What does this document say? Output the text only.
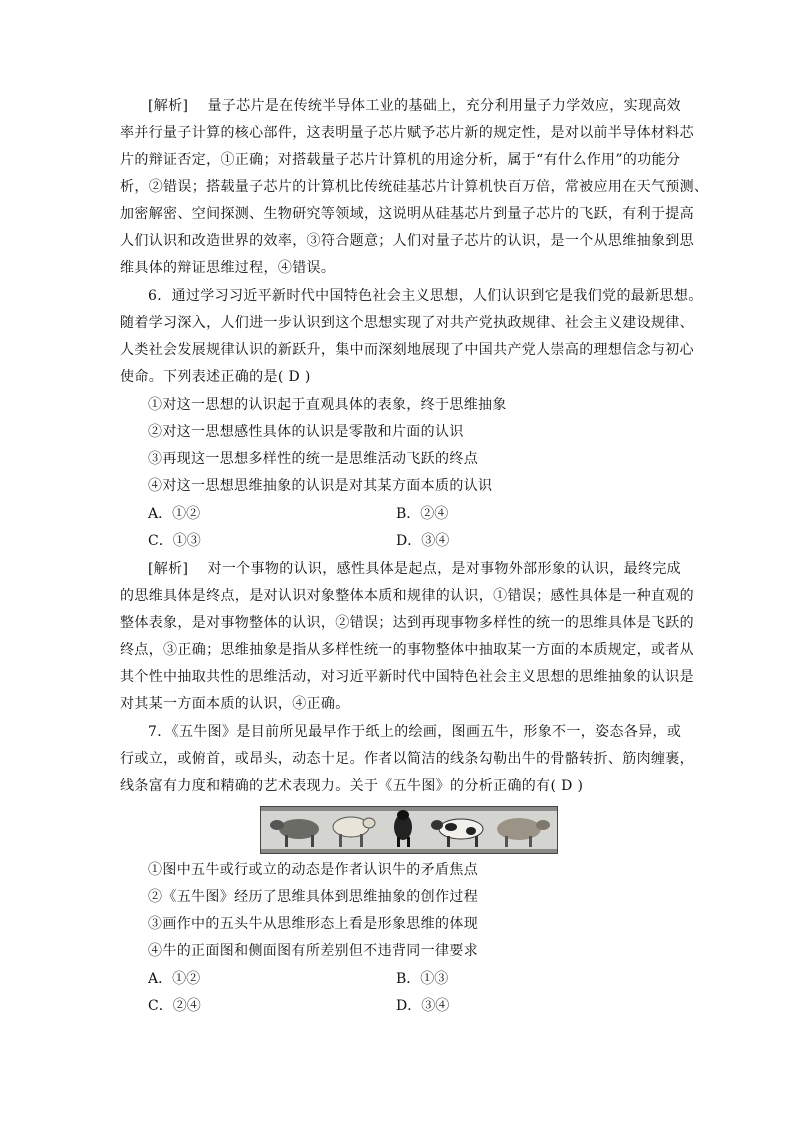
[解析]　 量子芯片是在传统半导体工业的基础上，充分利用量子力学效应，实现高效
率并行量子计算的核心部件，这表明量子芯片赋予芯片新的规定性，是对以前半导体材料芯
片的辩证否定，①正确；对搭载量子芯片计算机的用途分析，属于“有什么作用”的功能分
析，②错误；搭载量子芯片的计算机比传统硅基芯片计算机快百万倍，常被应用在天气预测、
加密解密、空间探测、生物研究等领域，这说明从硅基芯片到量子芯片的飞跃，有利于提高
人们认识和改造世界的效率，③符合题意；人们对量子芯片的认识，是一个从思维抽象到思
维具体的辩证思维过程，④错误。
6．通过学习习近平新时代中国特色社会主义思想，人们认识到它是我们党的最新思想。
随着学习深入，人们进一步认识到这个思想实现了对共产党执政规律、社会主义建设规律、
人类社会发展规律认识的新跃升，集中而深刻地展现了中国共产党人崇高的理想信念与初心
使命。下列表述正确的是( D )
①对这一思想的认识起于直观具体的表象，终于思维抽象
②对这一思想感性具体的认识是零散和片面的认识
③再现这一思想多样性的统一是思维活动飞跃的终点
④对这一思想思维抽象的认识是对其某方面本质的认识
A．①②	B．②④
C．①③	D．③④
[解析]　 对一个事物的认识，感性具体是起点，是对事物外部形象的认识，最终完成
的思维具体是终点，是对认识对象整体本质和规律的认识，①错误；感性具体是一种直观的
整体表象，是对事物整体的认识，②错误；达到再现事物多样性的统一的思维具体是飞跃的
终点，③正确；思维抽象是指从多样性统一的事物整体中抽取某一方面的本质规定，或者从
其个性中抽取共性的思维活动，对习近平新时代中国特色社会主义思想的思维抽象的认识是
对其某一方面本质的认识，④正确。
7．《五牛图》是目前所见最早作于纸上的绘画，图画五牛，形象不一，姿态各异，或
行或立，或俯首，或昂头，动态十足。作者以简洁的线条勾勒出牛的骨骼转折、筋肉缠裹，
线条富有力度和精确的艺术表现力。关于《五牛图》的分析正确的有( D )
①图中五牛或行或立的动态是作者认识牛的矛盾焦点
②《五牛图》经历了思维具体到思维抽象的创作过程
③画作中的五头牛从思维形态上看是形象思维的体现
④牛的正面图和侧面图有所差别但不违背同一律要求
A．①②	B．①③
C．②④	D．③④
